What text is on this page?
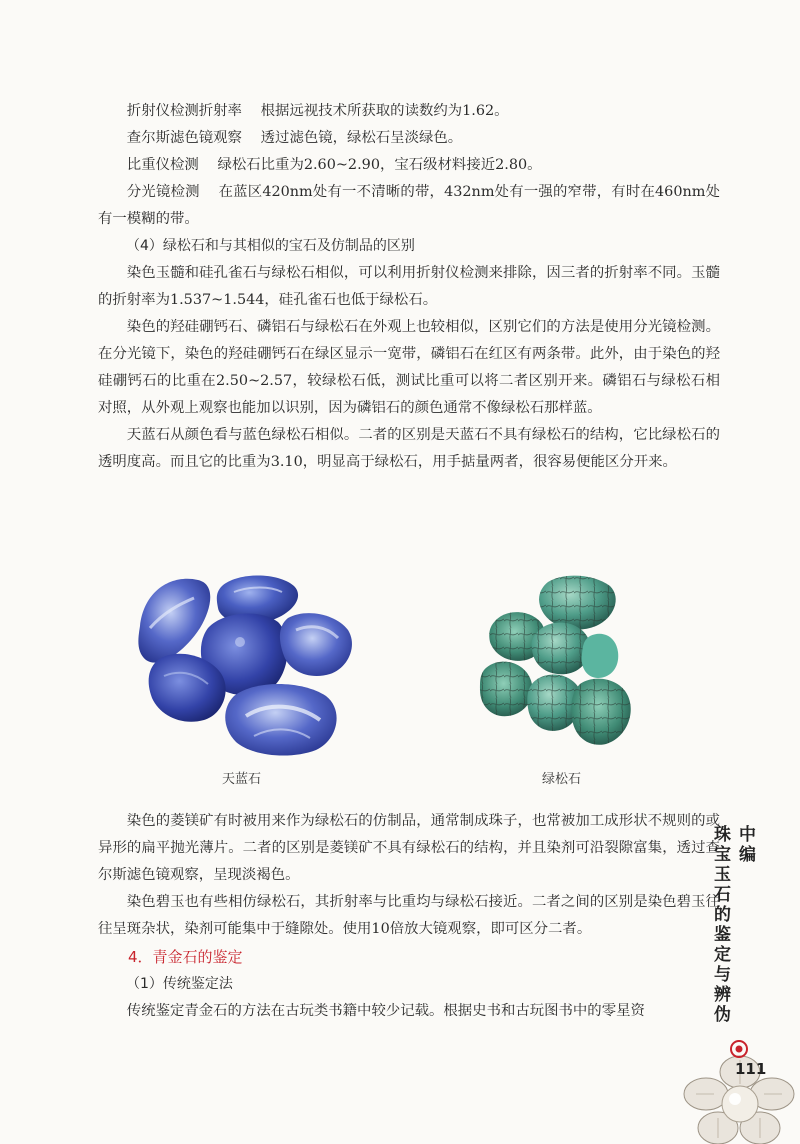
折射仪检测折射率 根据远视技术所获取的读数约为1.62。

查尔斯滤色镜观察 透过滤色镜，绿松石呈淡绿色。

比重仪检测 绿松石比重为2.60~2.90，宝石级材料接近2.80。

分光镜检测 在蓝区420nm处有一不清晰的带，432nm处有一强的窄带，有时在460nm处有一模糊的带。

（4）绿松石和与其相似的宝石及仿制品的区别

染色玉髓和硅孔雀石与绿松石相似，可以利用折射仪检测来排除，因三者的折射率不同。玉髓的折射率为1.537~1.544，硅孔雀石也低于绿松石。

染色的羟硅硼钙石、磷铝石与绿松石在外观上也较相似，区别它们的方法是使用分光镜检测。在分光镜下，染色的羟硅硼钙石在绿区显示一宽带，磷铝石在红区有两条带。此外，由于染色的羟硅硼钙石的比重在2.50~2.57，较绿松石低，测试比重可以将二者区别开来。磷铝石与绿松石相对照，从外观上观察也能加以识别，因为磷铝石的颜色通常不像绿松石那样蓝。

天蓝石从颜色看与蓝色绿松石相似。二者的区别是天蓝石不具有绿松石的结构，它比绿松石的透明度高。而且它的比重为3.10，明显高于绿松石，用手掂量两者，很容易便能区分开来。

天蓝石	绿松石

染色的菱镁矿有时被用来作为绿松石的仿制品，通常制成珠子，也常被加工成形状不规则的或异形的扁平抛光薄片。二者的区别是菱镁矿不具有绿松石的结构，并且染剂可沿裂隙富集，透过查尔斯滤色镜观察，呈现淡褐色。

染色碧玉也有些相仿绿松石，其折射率与比重均与绿松石接近。二者之间的区别是染色碧玉往往呈斑杂状，染剂可能集中于缝隙处。使用10倍放大镜观察，即可区分二者。

4．青金石的鉴定
（1）传统鉴定法

传统鉴定青金石的方法在古玩类书籍中较少记载。根据史书和古玩图书中的零星资

中编
珠宝玉石的鉴定与辨伪
111
